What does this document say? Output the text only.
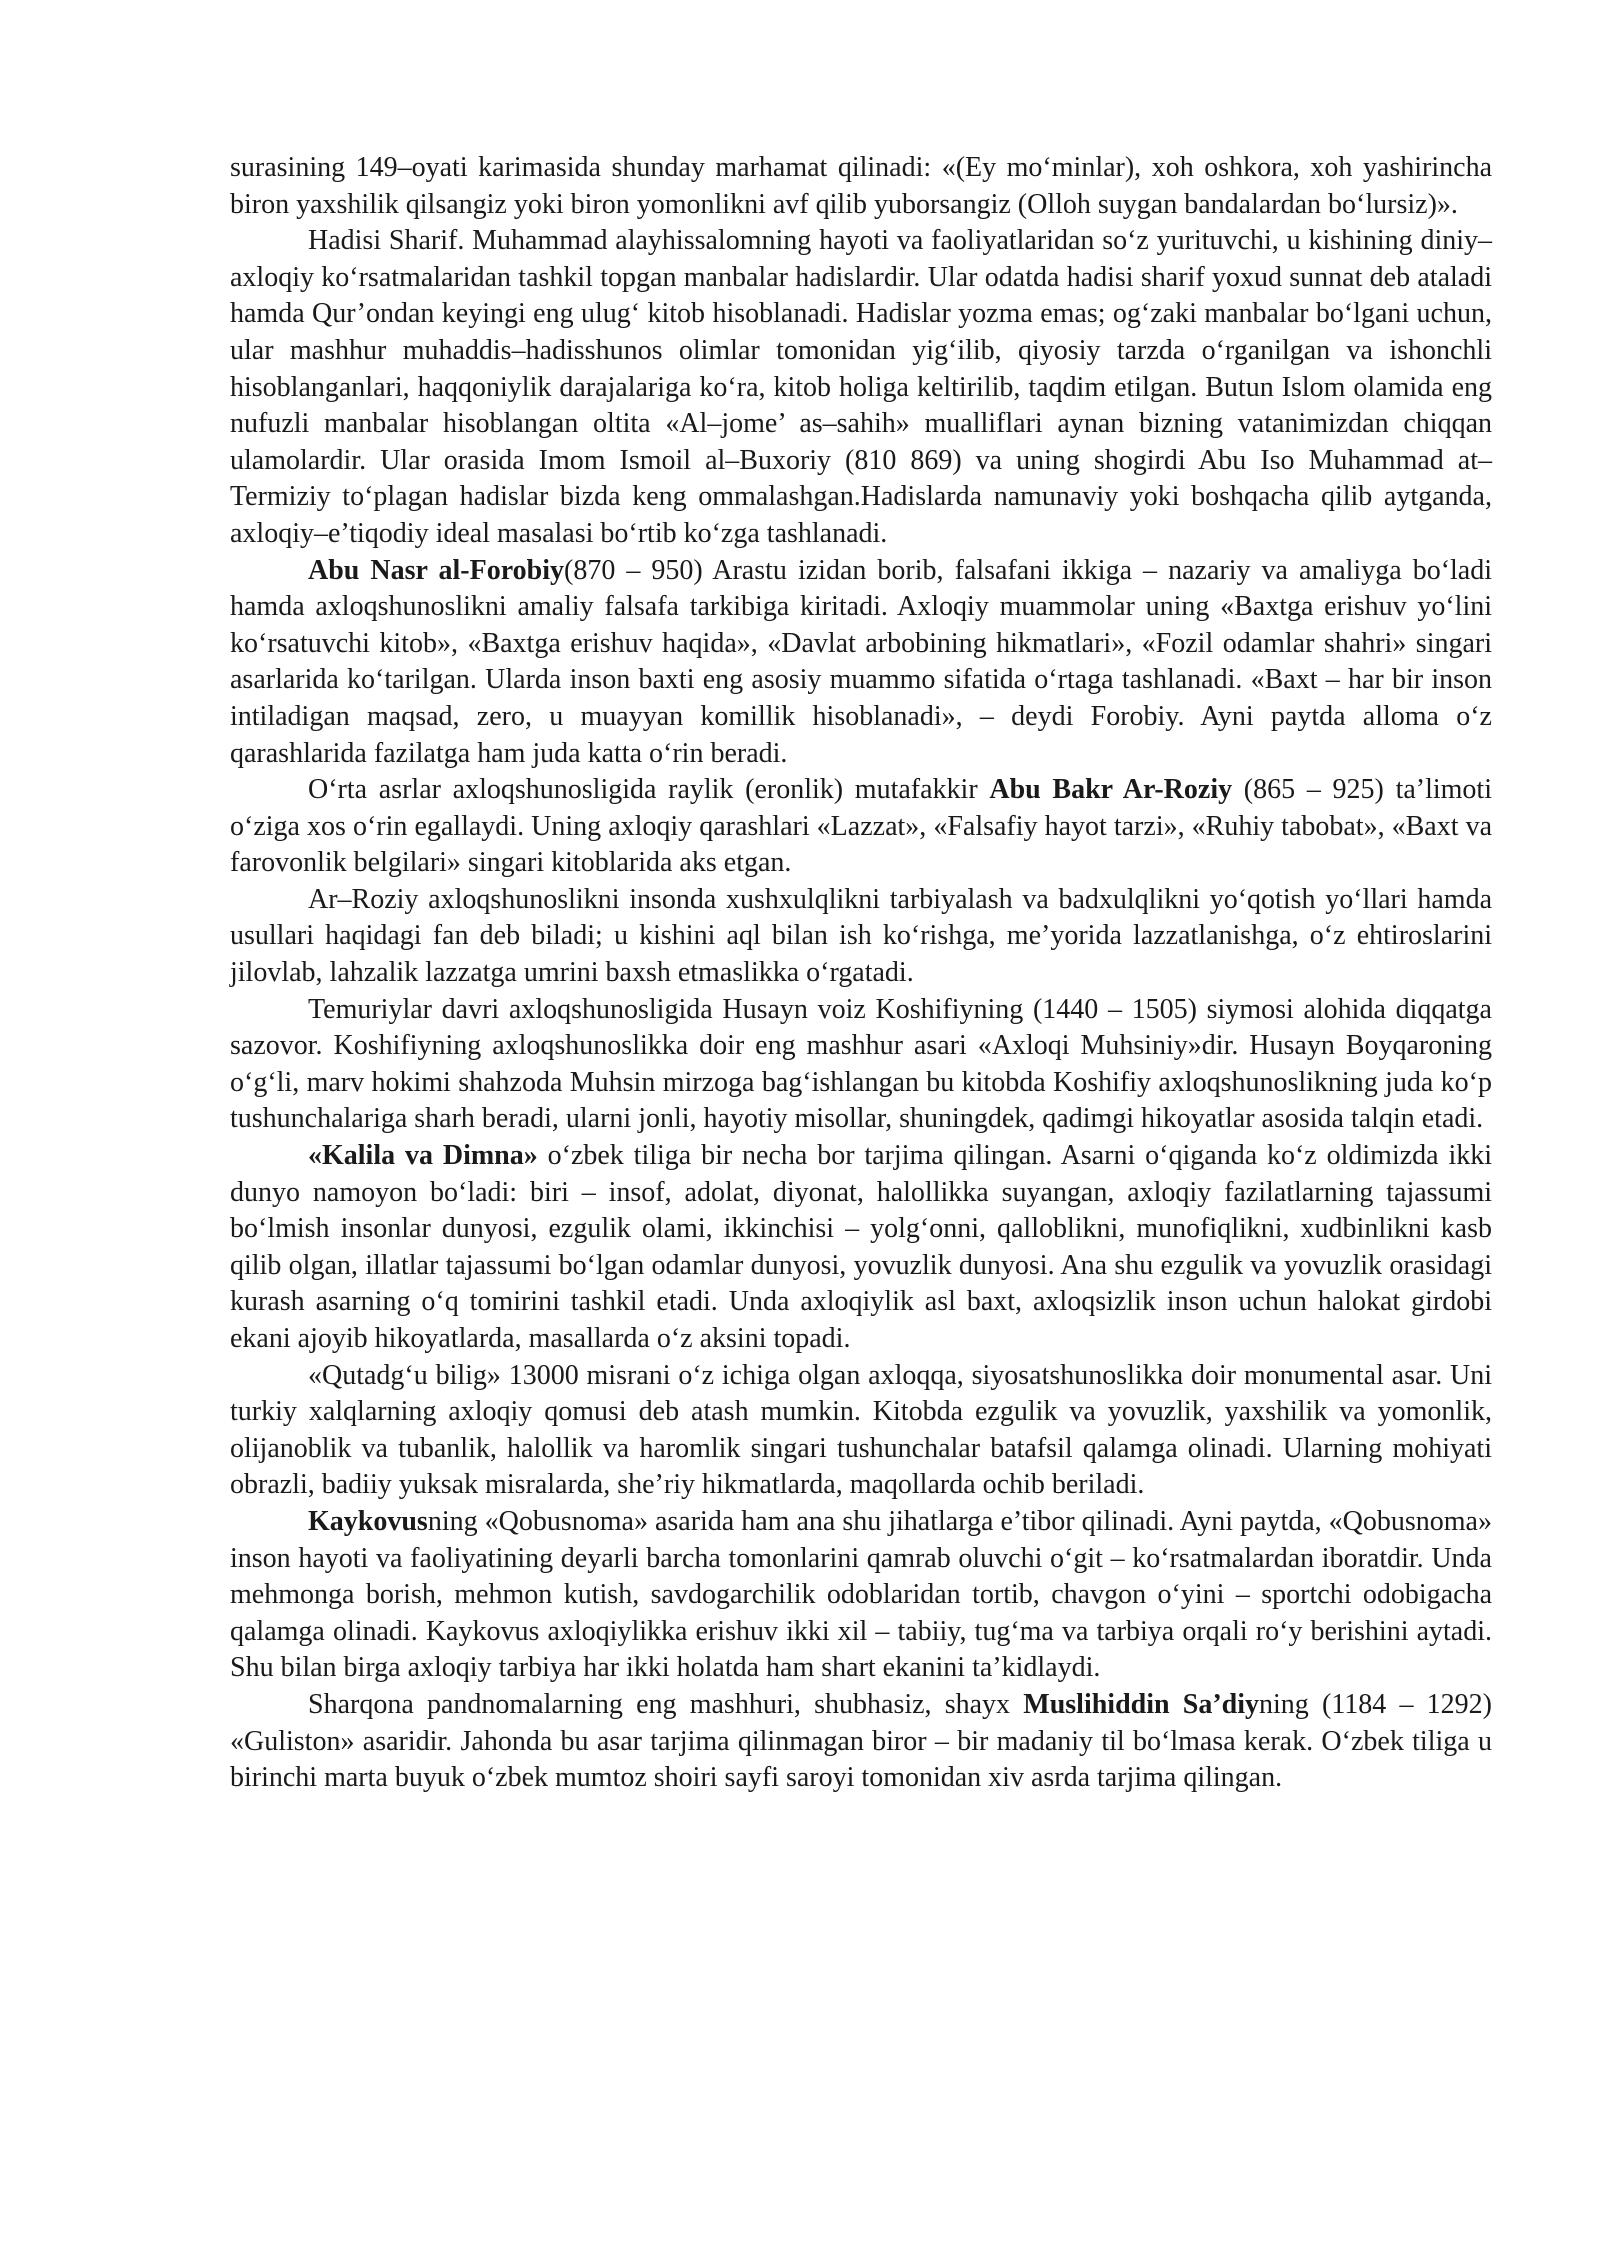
surasining 149–oyati karimasida shunday marhamat qilinadi: «(Ey moʻminlar), xoh oshkora, xoh yashirincha biron yaxshilik qilsangiz yoki biron yomonlikni avf qilib yuborsangiz (Olloh suygan bandalardan boʻlursiz)».

Hadisi Sharif. Muhammad alayhissalomning hayoti va faoliyatlaridan soʻz yurituvchi, u kishining diniy–axloqiy koʻrsatmalaridan tashkil topgan manbalar hadislardir. Ular odatda hadisi sharif yoxud sunnat deb ataladi hamda Qur’ondan keyingi eng ulugʻ kitob hisoblanadi. Hadislar yozma emas; ogʻzaki manbalar boʻlgani uchun, ular mashhur muhaddis–hadisshunos olimlar tomonidan yigʻilib, qiyosiy tarzda oʻrganilgan va ishonchli hisoblanganlari, haqqoniylik darajalariga koʻra, kitob holiga keltirilib, taqdim etilgan. Butun Islom olamida eng nufuzli manbalar hisoblangan oltita «Al–jome’ as–sahih» mualliflari aynan bizning vatanimizdan chiqqan ulamolardir. Ular orasida Imom Ismoil al–Buxoriy (810 869) va uning shogirdi Abu Iso Muhammad at–Termiziy toʻplagan hadislar bizda keng ommalashgan.Hadislarda namunaviy yoki boshqacha qilib aytganda, axloqiy–e’tiqodiy ideal masalasi boʻrtib koʻzga tashlanadi.

Abu Nasr al-Forobiy(870 – 950) Arastu izidan borib, falsafani ikkiga – nazariy va amaliyga boʻladi hamda axloqshunoslikni amaliy falsafa tarkibiga kiritadi. Axloqiy muammolar uning «Baxtga erishuv yoʻlini koʻrsatuvchi kitob», «Baxtga erishuv haqida», «Davlat arbobining hikmatlari», «Fozil odamlar shahri» singari asarlarida koʻtarilgan. Ularda inson baxti eng asosiy muammo sifatida oʻrtaga tashlanadi. «Baxt – har bir inson intiladigan maqsad, zero, u muayyan komillik hisoblanadi», – deydi Forobiy. Ayni paytda alloma oʻz qarashlarida fazilatga ham juda katta oʻrin beradi.

Oʻrta asrlar axloqshunosligida raylik (eronlik) mutafakkir Abu Bakr Ar-Roziy (865 – 925) ta’limoti oʻziga xos oʻrin egallaydi. Uning axloqiy qarashlari «Lazzat», «Falsafiy hayot tarzi», «Ruhiy tabobat», «Baxt va farovonlik belgilari» singari kitoblarida aks etgan.

Ar–Roziy axloqshunoslikni insonda xushxulqlikni tarbiyalash va badxulqlikni yoʻqotish yoʻllari hamda usullari haqidagi fan deb biladi; u kishini aql bilan ish koʻrishga, me’yorida lazzatlanishga, oʻz ehtiroslarini jilovlab, lahzalik lazzatga umrini baxsh etmaslikka oʻrgatadi.

Temuriylar davri axloqshunosligida Husayn voiz Koshifiyning (1440 – 1505) siymosi alohida diqqatga sazovor. Koshifiyning axloqshunoslikka doir eng mashhur asari «Axloqi Muhsiniy»dir. Husayn Boyqaroning oʻgʻli, marv hokimi shahzoda Muhsin mirzoga bagʻishlangan bu kitobda Koshifiy axloqshunoslikning juda koʻp tushunchalariga sharh beradi, ularni jonli, hayotiy misollar, shuningdek, qadimgi hikoyatlar asosida talqin etadi.

«Kalila va Dimna» oʻzbek tiliga bir necha bor tarjima qilingan. Asarni oʻqiganda koʻz oldimizda ikki dunyo namoyon boʻladi: biri – insof, adolat, diyonat, halollikka suyangan, axloqiy fazilatlarning tajassumi boʻlmish insonlar dunyosi, ezgulik olami, ikkinchisi – yolgʻonni, qalloblikni, munofiqlikni, xudbinlikni kasb qilib olgan, illatlar tajassumi boʻlgan odamlar dunyosi, yovuzlik dunyosi. Ana shu ezgulik va yovuzlik orasidagi kurash asarning oʻq tomirini tashkil etadi. Unda axloqiylik asl baxt, axloqsizlik inson uchun halokat girdobi ekani ajoyib hikoyatlarda, masallarda oʻz aksini topadi.

«Qutadgʻu bilig» 13000 misrani oʻz ichiga olgan axloqqa, siyosatshunoslikka doir monumental asar. Uni turkiy xalqlarning axloqiy qomusi deb atash mumkin. Kitobda ezgulik va yovuzlik, yaxshilik va yomonlik, olijanoblik va tubanlik, halollik va haromlik singari tushunchalar batafsil qalamga olinadi. Ularning mohiyati obrazli, badiiy yuksak misralarda, she’riy hikmatlarda, maqollarda ochib beriladi.

Kaykovusning «Qobusnoma» asarida ham ana shu jihatlarga e’tibor qilinadi. Ayni paytda, «Qobusnoma» inson hayoti va faoliyatining deyarli barcha tomonlarini qamrab oluvchi oʻgit – koʻrsatmalardan iboratdir. Unda mehmonga borish, mehmon kutish, savdogarchilik odoblaridan tortib, chavgon oʻyini – sportchi odobigacha qalamga olinadi. Kaykovus axloqiylikka erishuv ikki xil – tabiiy, tugʻma va tarbiya orqali roʻy berishini aytadi. Shu bilan birga axloqiy tarbiya har ikki holatda ham shart ekanini ta’kidlaydi.

Sharqona pandnomalarning eng mashhuri, shubhasiz, shayx Muslihiddin Sa’diyning (1184 – 1292) «Guliston» asaridir. Jahonda bu asar tarjima qilinmagan biror – bir madaniy til boʻlmasa kerak. Oʻzbek tiliga u birinchi marta buyuk oʻzbek mumtoz shoiri sayfi saroyi tomonidan xiv asrda tarjima qilingan.
